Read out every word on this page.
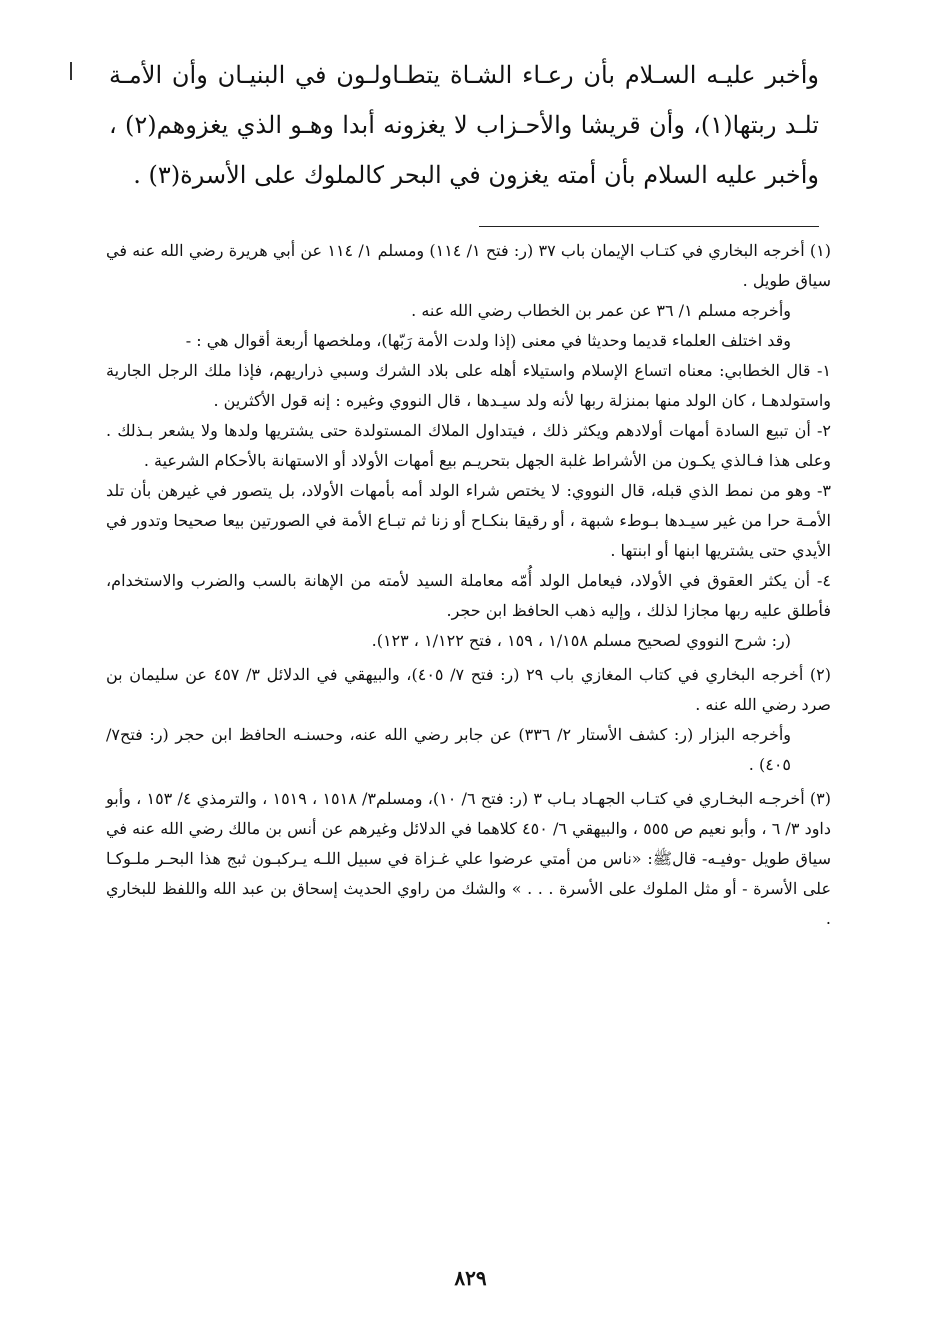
وأخبر عليـه السـلام بأن رعـاء الشـاة يتطـاولـون في البنيـان وأن الأمـة تلـد ربتها(١)، وأن قريشا والأحـزاب لا يغزونه أبدا وهـو الذي يغزوهم(٢) ، وأخبر عليه السلام بأن أمته يغزون في البحر كالملوك على الأسرة(٣) .

(١) أخرجه البخاري في كتـاب الإيمان باب ٣٧ (ر: فتح ١/ ١١٤) ومسلم ١/ ١١٤ عن أبي هريرة رضي الله عنه في سياق طويل .

وأخرجه مسلم ١/ ٣٦ عن عمر بن الخطاب رضي الله عنه .

وقد اختلف العلماء قديما وحديثا في معنى (إذا ولدت الأمة رَبّها)، وملخصها أربعة أقوال هي : -

١- قال الخطابي: معناه اتساع الإسلام واستيلاء أهله على بلاد الشرك وسبي ذراريهم، فإذا ملك الرجل الجارية واستولدهـا ، كان الولد منها بمنزلة ربها لأنه ولد سيـدها ، قال النووي وغيره : إنه قول الأكثرين .

٢- أن تبيع السادة أمهات أولادهم ويكثر ذلك ، فيتداول الملاك المستولدة حتى يشتريها ولدها ولا يشعر بـذلك . وعلى هذا فـالذي يكـون من الأشراط غلبة الجهل بتحريـم بيع أمهات الأولاد أو الاستهانة بالأحكام الشرعية .

٣- وهو من نمط الذي قبله، قال النووي: لا يختص شراء الولد أمه بأمهات الأولاد، بل يتصور في غيرهن بأن تلد الأمـة حرا من غير سيـدها بـوطء شبهة ، أو رقيقا بنكـاح أو زنا ثم تبـاع الأمة في الصورتين بيعا صحيحا وتدور في الأيدي حتى يشتريها ابنها أو ابنتها .

٤- أن يكثر العقوق في الأولاد، فيعامل الولد أُمّه معاملة السيد لأمته من الإهانة بالسب والضرب والاستخدام، فأطلق عليه ربها مجازا لذلك ، وإليه ذهب الحافظ ابن حجر.

(ر: شرح النووي لصحيح مسلم ١/١٥٨ ، ١٥٩ ، فتح ١/١٢٢ ، ١٢٣).

(٢) أخرجه البخاري في كتاب المغازي باب ٢٩ (ر: فتح ٧/ ٤٠٥)، والبيهقي في الدلائل ٣/ ٤٥٧ عن سليمان بن صرد رضي الله عنه .

وأخرجه البزار (ر: كشف الأستار ٢/ ٣٣٦) عن جابر رضي الله عنه، وحسنـه الحافظ ابن حجر (ر: فتح٧/ ٤٠٥) .

(٣) أخرجـه البخـاري في كتـاب الجهـاد بـاب ٣ (ر: فتح ٦/ ١٠)، ومسلم٣/ ١٥١٨ ، ١٥١٩ ، والترمذي ٤/ ١٥٣ ، وأبو داود ٣/ ٦ ، وأبو نعيم ص ٥٥٥ ، والبيهقي ٦/ ٤٥٠ كلاهما في الدلائل وغيرهم عن أنس بن مالك رضي الله عنه في سياق طويل -وفيـه- قالﷺ: «ناس من أمتي عرضوا علي غـزاة في سبيل اللـه يـركبـون ثبج هذا البحـر ملـوكـا على الأسرة - أو مثل الملوك على الأسرة . . . » والشك من راوي الحديث إسحاق بن عبد الله واللفظ للبخاري .

٨٢٩
